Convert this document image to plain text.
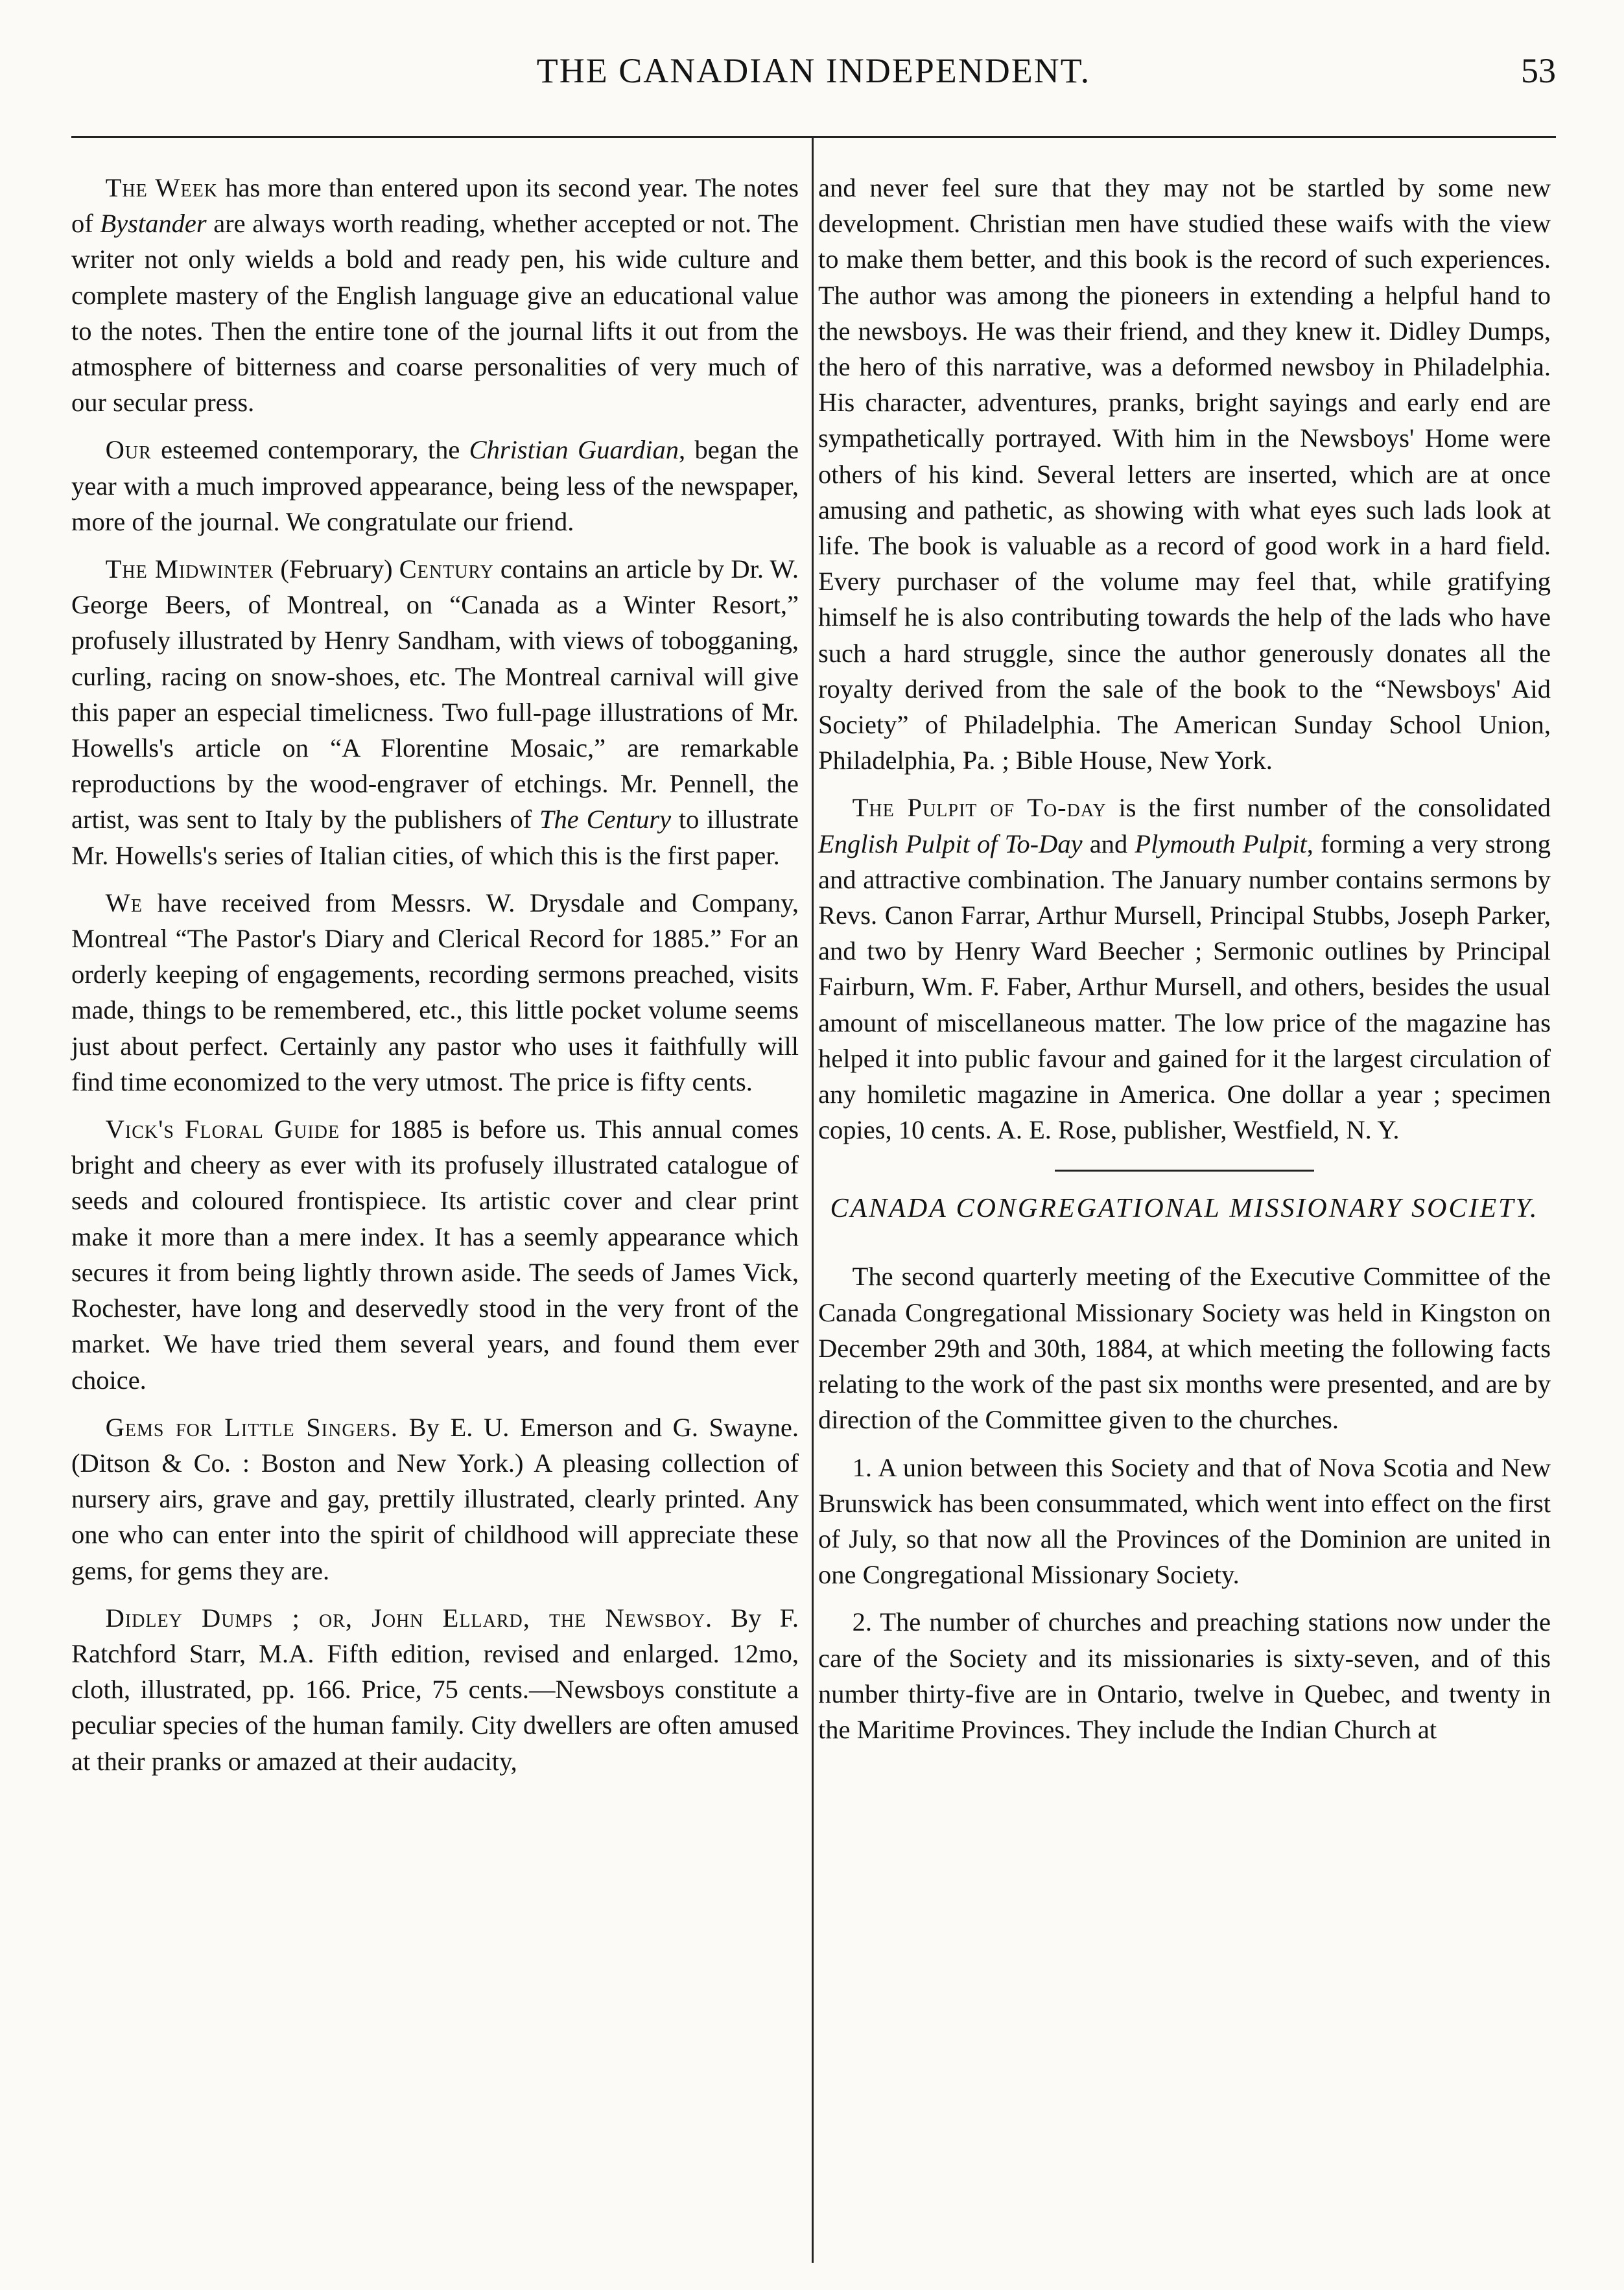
THE CANADIAN INDEPENDENT.	53

The Week has more than entered upon its second year. The notes of Bystander are always worth reading, whether accepted or not. The writer not only wields a bold and ready pen, his wide culture and complete mastery of the English language give an educational value to the notes. Then the entire tone of the journal lifts it out from the atmosphere of bitterness and coarse personalities of very much of our secular press.

Our esteemed contemporary, the Christian Guardian, began the year with a much improved appearance, being less of the newspaper, more of the journal. We congratulate our friend.

The Midwinter (February) Century contains an article by Dr. W. George Beers, of Montreal, on “Canada as a Winter Resort,” profusely illustrated by Henry Sandham, with views of tobogganing, curling, racing on snow-shoes, etc. The Montreal carnival will give this paper an especial timelicness. Two full-page illustrations of Mr. Howells's article on “A Florentine Mosaic,” are remarkable reproductions by the wood-engraver of etchings. Mr. Pennell, the artist, was sent to Italy by the publishers of The Century to illustrate Mr. Howells's series of Italian cities, of which this is the first paper.

We have received from Messrs. W. Drysdale and Company, Montreal “The Pastor's Diary and Clerical Record for 1885.” For an orderly keeping of engagements, recording sermons preached, visits made, things to be remembered, etc., this little pocket volume seems just about perfect. Certainly any pastor who uses it faithfully will find time economized to the very utmost. The price is fifty cents.

Vick's Floral Guide for 1885 is before us. This annual comes bright and cheery as ever with its profusely illustrated catalogue of seeds and coloured frontispiece. Its artistic cover and clear print make it more than a mere index. It has a seemly appearance which secures it from being lightly thrown aside. The seeds of James Vick, Rochester, have long and deservedly stood in the very front of the market. We have tried them several years, and found them ever choice.

Gems for Little Singers. By E. U. Emerson and G. Swayne. (Ditson & Co. : Boston and New York.) A pleasing collection of nursery airs, grave and gay, prettily illustrated, clearly printed. Any one who can enter into the spirit of childhood will appreciate these gems, for gems they are.

Didley Dumps ; or, John Ellard, the Newsboy. By F. Ratchford Starr, M.A. Fifth edition, revised and enlarged. 12mo, cloth, illustrated, pp. 166. Price, 75 cents.—Newsboys constitute a peculiar species of the human family. City dwellers are often amused at their pranks or amazed at their audacity,

and never feel sure that they may not be startled by some new development. Christian men have studied these waifs with the view to make them better, and this book is the record of such experiences. The author was among the pioneers in extending a helpful hand to the newsboys. He was their friend, and they knew it. Didley Dumps, the hero of this narrative, was a deformed newsboy in Philadelphia. His character, adventures, pranks, bright sayings and early end are sympathetically portrayed. With him in the Newsboys' Home were others of his kind. Several letters are inserted, which are at once amusing and pathetic, as showing with what eyes such lads look at life. The book is valuable as a record of good work in a hard field. Every purchaser of the volume may feel that, while gratifying himself he is also contributing towards the help of the lads who have such a hard struggle, since the author generously donates all the royalty derived from the sale of the book to the “Newsboys' Aid Society” of Philadelphia. The American Sunday School Union, Philadelphia, Pa. ; Bible House, New York.

The Pulpit of To-day is the first number of the consolidated English Pulpit of To-Day and Plymouth Pulpit, forming a very strong and attractive combination. The January number contains sermons by Revs. Canon Farrar, Arthur Mursell, Principal Stubbs, Joseph Parker, and two by Henry Ward Beecher ; Sermonic outlines by Principal Fairburn, Wm. F. Faber, Arthur Mursell, and others, besides the usual amount of miscellaneous matter. The low price of the magazine has helped it into public favour and gained for it the largest circulation of any homiletic magazine in America. One dollar a year ; specimen copies, 10 cents. A. E. Rose, publisher, Westfield, N. Y.

CANADA CONGREGATIONAL MISSIONARY SOCIETY.

The second quarterly meeting of the Executive Committee of the Canada Congregational Missionary Society was held in Kingston on December 29th and 30th, 1884, at which meeting the following facts relating to the work of the past six months were presented, and are by direction of the Committee given to the churches.

1. A union between this Society and that of Nova Scotia and New Brunswick has been consummated, which went into effect on the first of July, so that now all the Provinces of the Dominion are united in one Congregational Missionary Society.

2. The number of churches and preaching stations now under the care of the Society and its missionaries is sixty-seven, and of this number thirty-five are in Ontario, twelve in Quebec, and twenty in the Maritime Provinces. They include the Indian Church at
